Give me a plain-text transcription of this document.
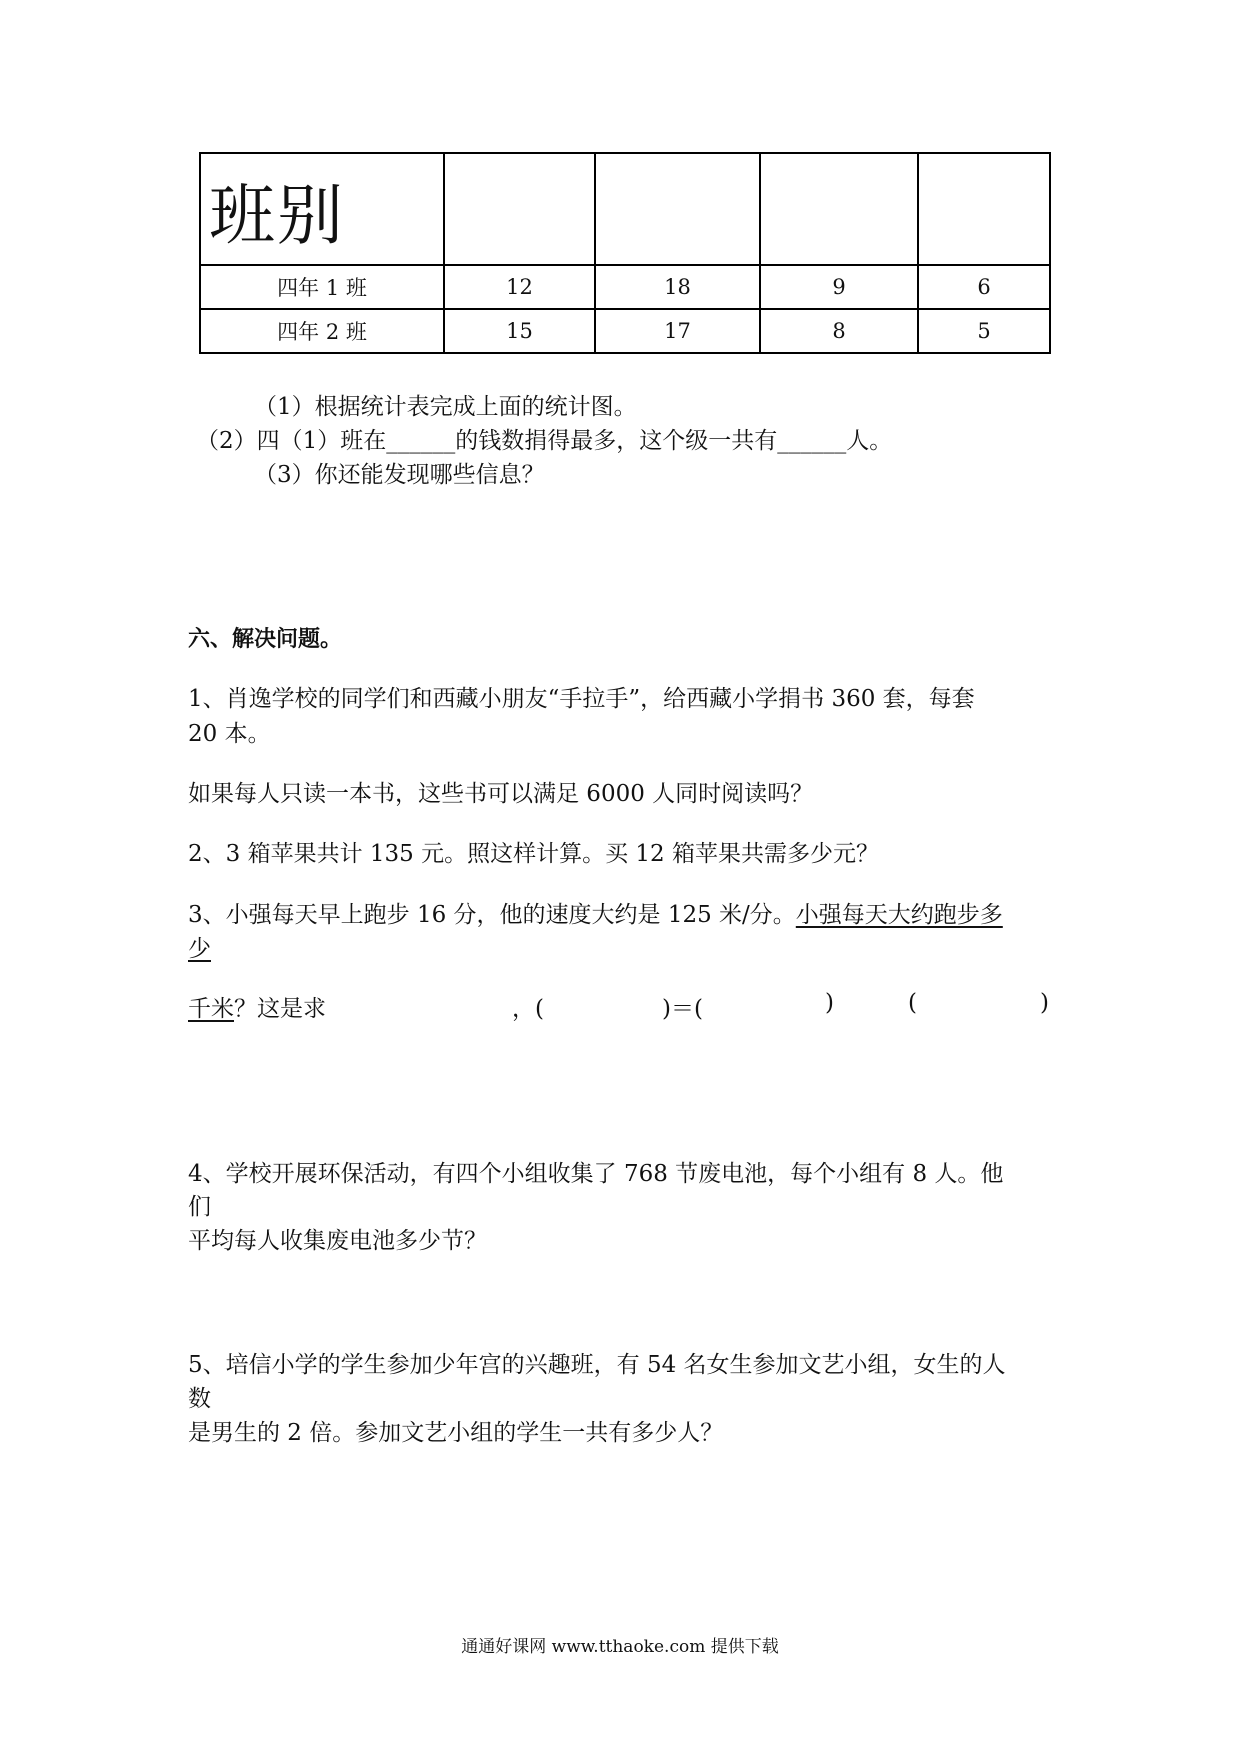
班别				
四年 1 班	12	18	9	6
四年 2 班	15	17	8	5
（1）根据统计表完成上面的统计图。
（2）四（1）班在______的钱数捐得最多，这个级一共有______人。
（3）你还能发现哪些信息？
六、解决问题。
1、肖逸学校的同学们和西藏小朋友“手拉手”，给西藏小学捐书 360 套，每套
20 本。
如果每人只读一本书，这些书可以满足 6000 人同时阅读吗？
2、3 箱苹果共计 135 元。照这样计算。买 12 箱苹果共需多少元？
3、小强每天早上跑步 16 分，他的速度大约是 125 米/分。小强每天大约跑步多
少
千米？这是求	，(	)＝(	)	(	)
4、学校开展环保活动，有四个小组收集了 768 节废电池，每个小组有 8 人。他
们
平均每人收集废电池多少节？
5、培信小学的学生参加少年宫的兴趣班，有 54 名女生参加文艺小组，女生的人
数
是男生的 2 倍。参加文艺小组的学生一共有多少人？
通通好课网 www.tthaoke.com 提供下载
